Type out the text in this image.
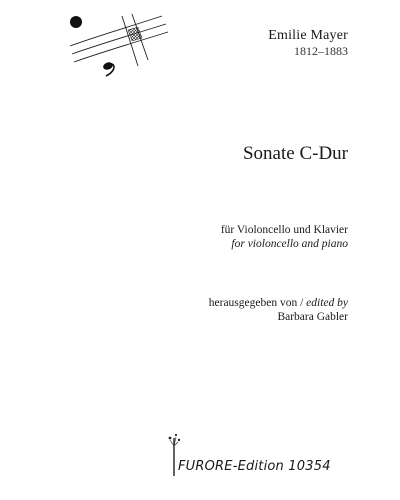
Emilie Mayer
1812–1883
Sonate C-Dur
für Violoncello und Klavier
for violoncello and piano
herausgegeben von / edited by
Barbara Gabler
FURORE-Edition 10354
